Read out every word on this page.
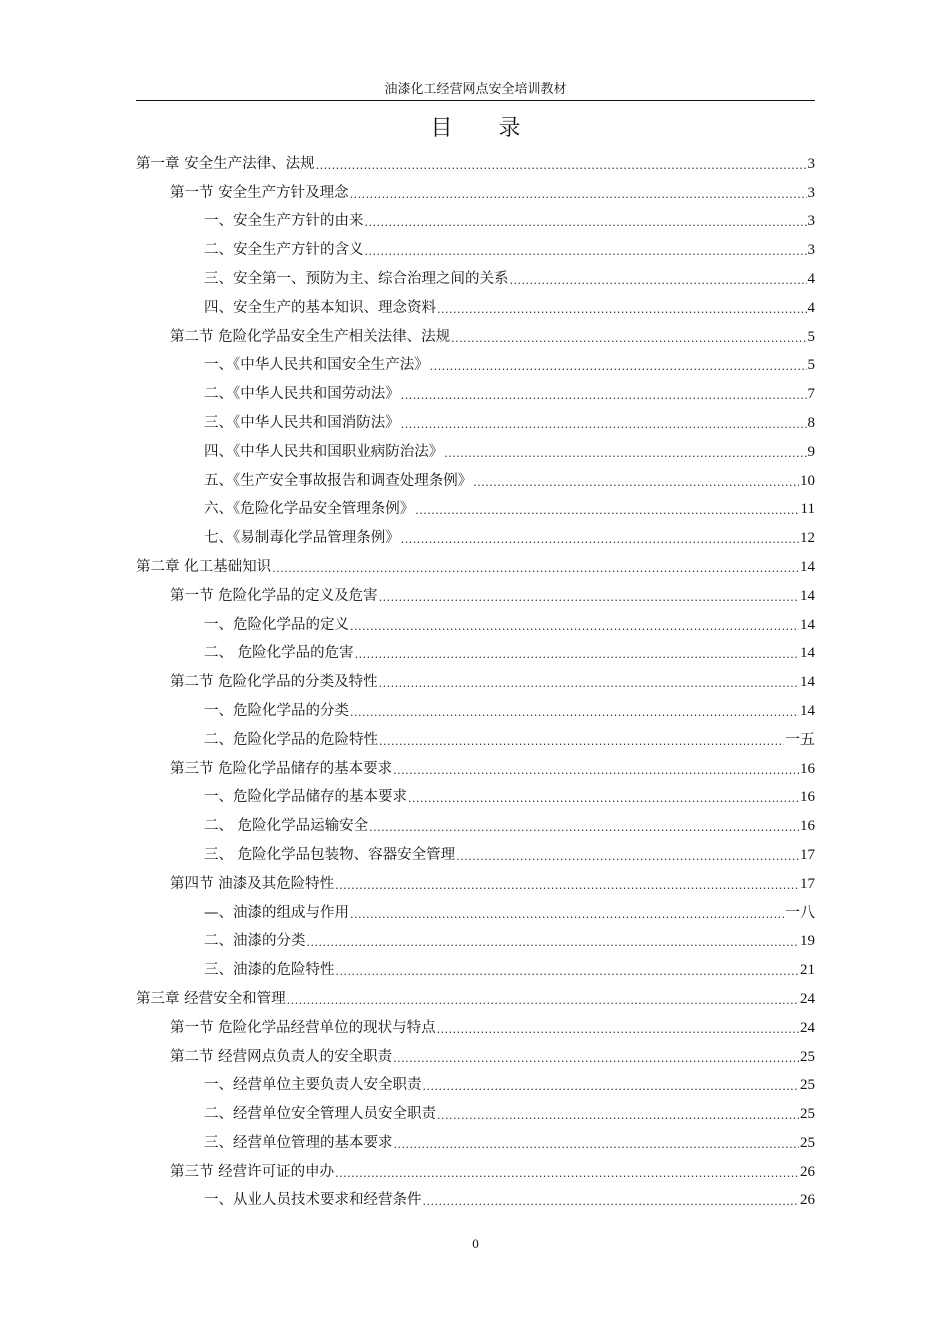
油漆化工经营网点安全培训教材
目 录
第一章 安全生产法律、法规 .....	3
第一节 安全生产方针及理念 .....	3
一、安全生产方针的由来 .....	3
二、安全生产方针的含义 .....	3
三、安全第一、预防为主、综合治理之间的关系 .....	4
四、安全生产的基本知识、理念资料 .....	4
第二节 危险化学品安全生产相关法律、法规 .....	5
一、《中华人民共和国安全生产法》 .....	5
二、《中华人民共和国劳动法》 .....	7
三、《中华人民共和国消防法》 .....	8
四、《中华人民共和国职业病防治法》 .....	9
五、《生产安全事故报告和调查处理条例》 .....	10
六、《危险化学品安全管理条例》 .....	11
七、《易制毒化学品管理条例》 .....	12
第二章 化工基础知识 .....	14
第一节 危险化学品的定义及危害 .....	14
一、危险化学品的定义 .....	14
二、 危险化学品的危害 .....	14
第二节 危险化学品的分类及特性 .....	14
一、危险化学品的分类 .....	14
二、危险化学品的危险特性 .....	一五
第三节 危险化学品储存的基本要求 .....	16
一、危险化学品储存的基本要求 .....	16
二、 危险化学品运输安全 .....	16
三、 危险化学品包装物、容器安全管理 .....	17
第四节 油漆及其危险特性 .....	17
—、油漆的组成与作用 .....	一八
二、油漆的分类 .....	19
三、油漆的危险特性 .....	21
第三章 经营安全和管理 .....	24
第一节 危险化学品经营单位的现状与特点 .....	24
第二节 经营网点负责人的安全职责 .....	25
一、经营单位主要负责人安全职责 .....	25
二、经营单位安全管理人员安全职责 .....	25
三、经营单位管理的基本要求 .....	25
第三节 经营许可证的申办 .....	26
一、从业人员技术要求和经营条件 .....	26
0
